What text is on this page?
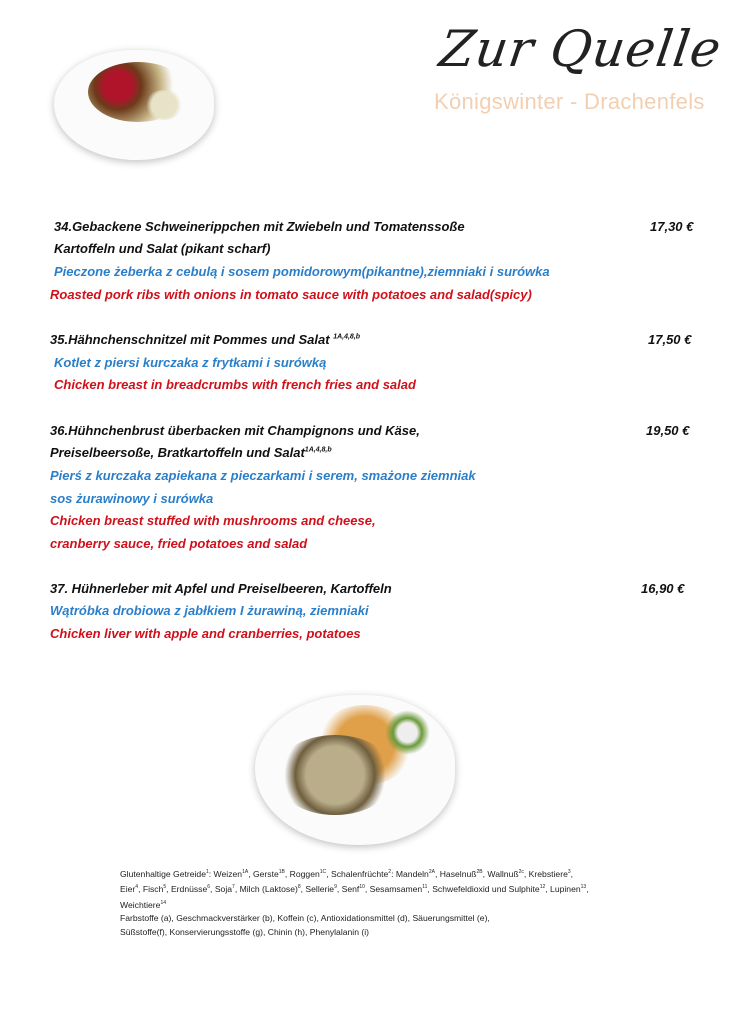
Zur Quelle
Königswinter - Drachenfels
34.Gebackene Schweinerippchen mit Zwiebeln und Tomatenssoße	17,30 €
Kartoffeln und Salat (pikant scharf)
Pieczone żeberka z cebulą i sosem pomidorowym(pikantne),ziemniaki i surówka
Roasted pork ribs with onions in tomato sauce with potatoes and salad(spicy)
35.Hähnchenschnitzel mit Pommes und Salat $^{1A,4,8,b}$	17,50 €
Kotlet z piersi kurczaka z frytkami i surówką
Chicken breast in breadcrumbs with french fries and salad
36.Hühnchenbrust überbacken mit Champignons und Käse,	19,50 €
Preiselbeersoße, Bratkartoffeln und Salat$^{1A,4,8,b}$
Pierś z kurczaka zapiekana z pieczarkami i serem, smażone ziemniak
sos żurawinowy i surówka
Chicken breast stuffed with mushrooms and cheese,
cranberry sauce, fried potatoes and salad
37. Hühnerleber mit Apfel und Preiselbeeren, Kartoffeln	16,90 €
Wątróbka drobiowa z jabłkiem I żurawiną, ziemniaki
Chicken liver with apple and cranberries, potatoes
Glutenhaltige Getreide$^1$: Weizen$^{1A}$, Gerste$^{1B}$, Roggen$^{1C}$, Schalenfrüchte$^2$: Mandeln$^{2A}$, Haselnuß$^{2B}$, Wallnuß$^{2c}$, Krebstiere$^3$, Eier$^4$, Fisch$^5$, Erdnüsse$^6$, Soja$^7$, Milch (Laktose)$^8$, Sellerie$^9$, Senf$^{10}$, Sesamsamen$^{11}$, Schwefeldioxid und Sulphite$^{12}$, Lupinen$^{13}$, Weichtiere$^{14}$
Farbstoffe (a), Geschmackverstärker (b), Koffein (c), Antioxidationsmittel (d), Säuerungsmittel (e),
Süßstoffe(f), Konservierungsstoffe (g), Chinin (h), Phenylalanin (i)
